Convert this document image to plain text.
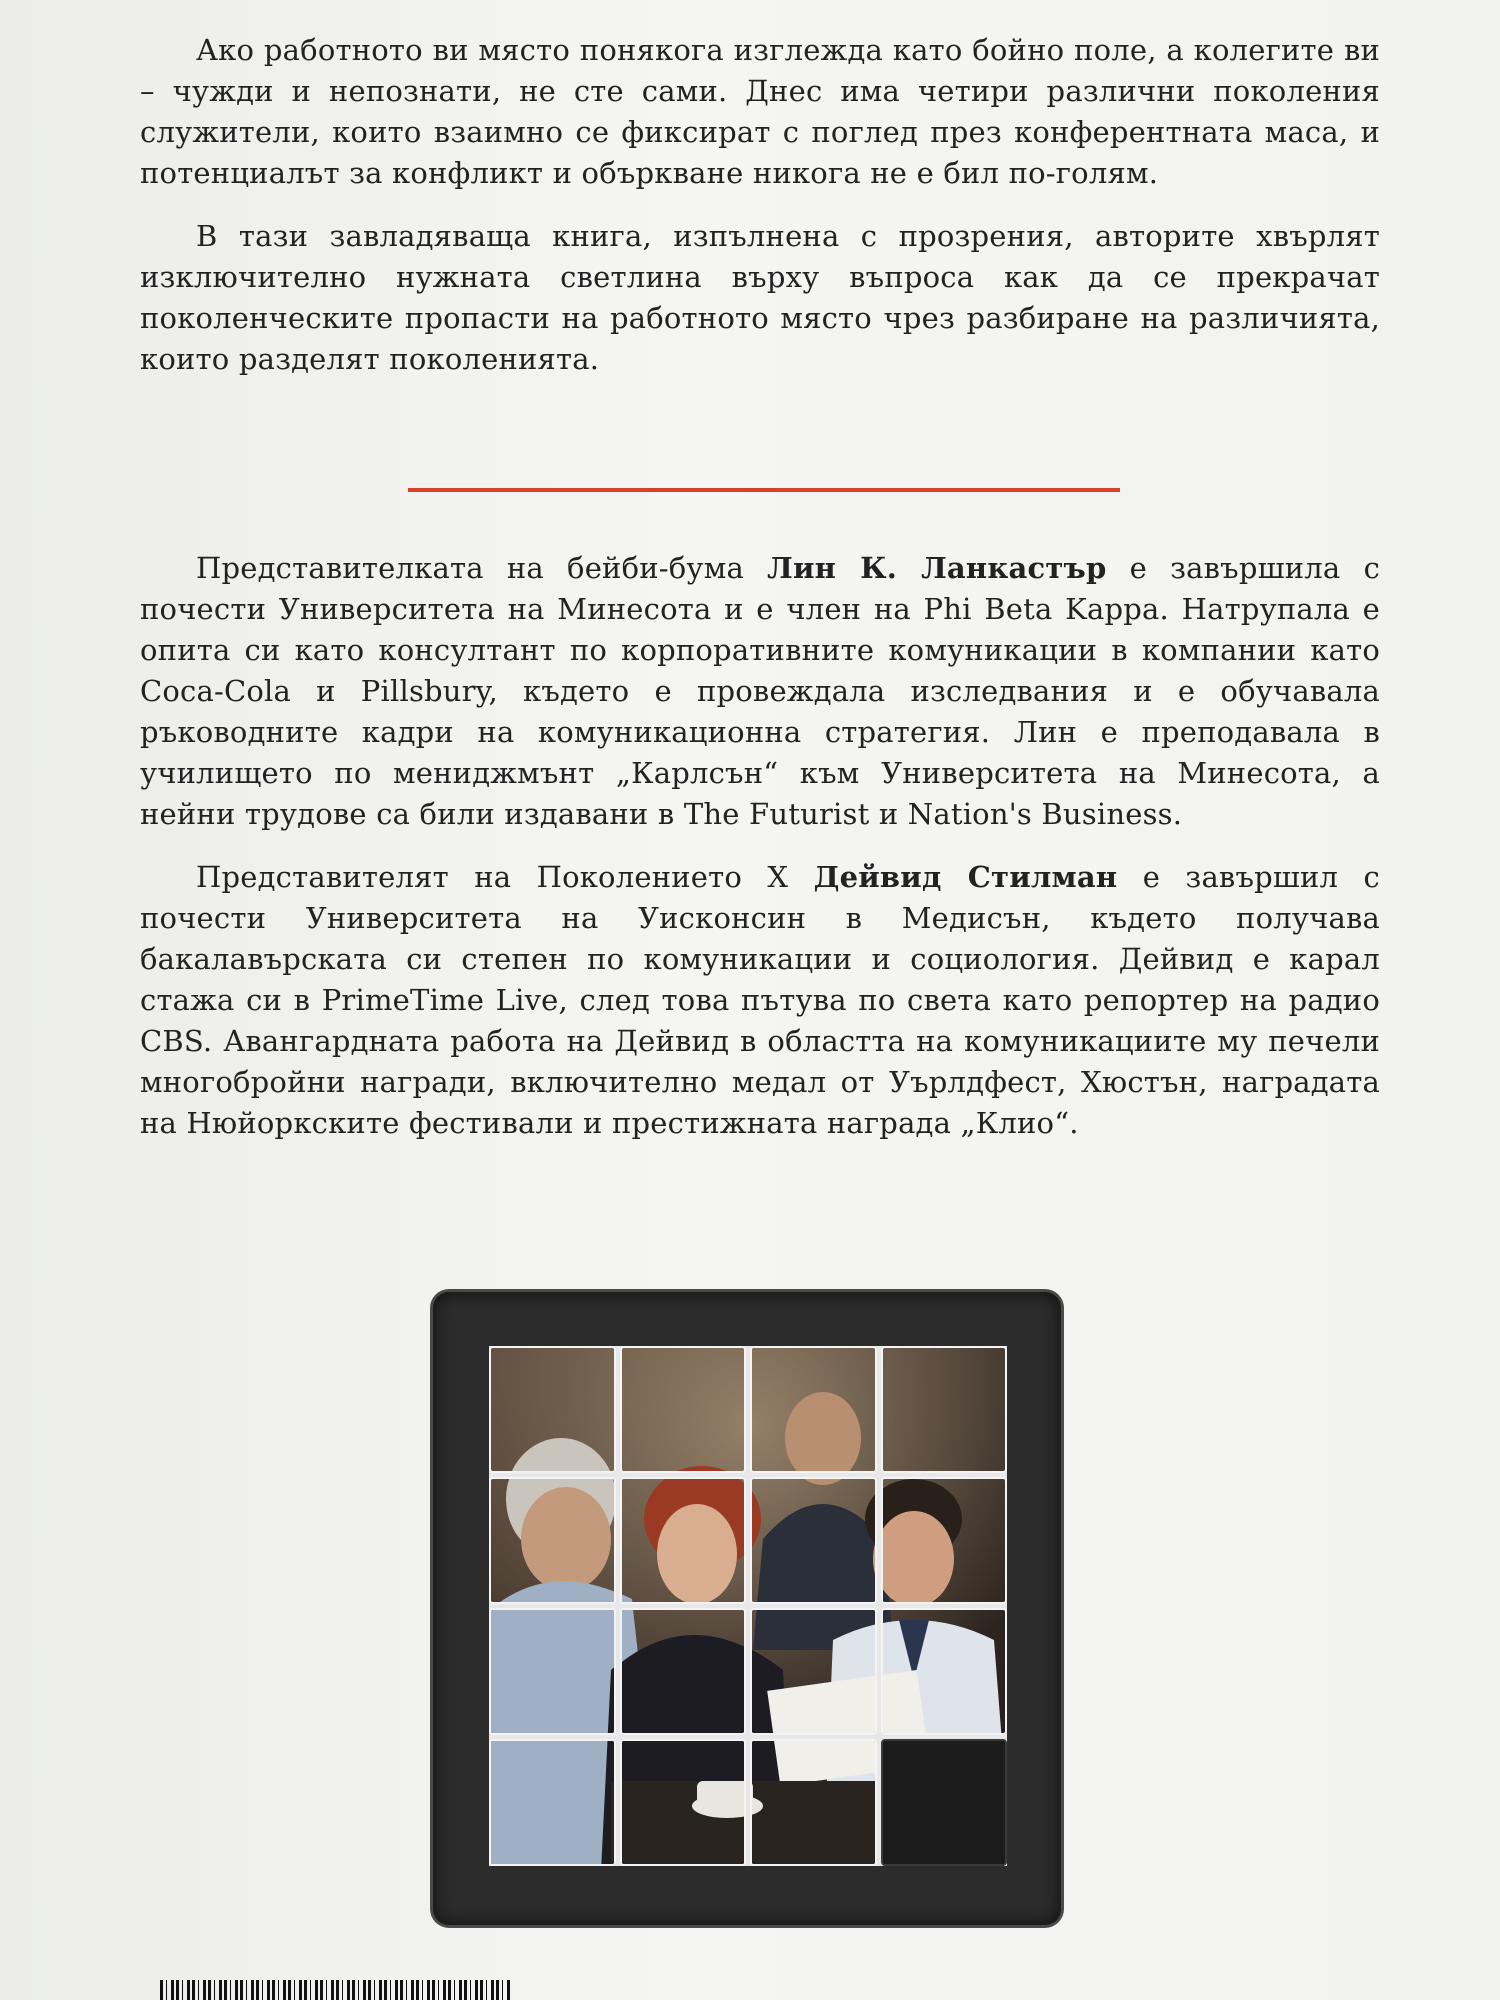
Ако работното ви място понякога изглежда като бойно поле, а колегите ви – чужди и непознати, не сте сами. Днес има четири различни поколения служители, които взаимно се фиксират с поглед през конферентната маса, и потенциалът за конфликт и объркване никога не е бил по-голям.

В тази завладяваща книга, изпълнена с прозрения, авторите хвърлят изключително нужната светлина върху въпроса как да се прекрачат поколенческите пропасти на работното място чрез разбиране на различията, които разделят поколенията.

Представителката на бейби-бума Лин К. Ланкастър е завършила с почести Университета на Минесота и е член на Phi Beta Kappa. Натрупала е опита си като консултант по корпоративните комуникации в компании като Coca-Cola и Pillsbury, където е провеждала изследвания и е обучавала ръководните кадри на комуникационна стратегия. Лин е преподавала в училището по мениджмънт „Карлсън“ към Университета на Минесота, а нейни трудове са били издавани в The Futurist и Nation's Business.

Представителят на Поколението Х Дейвид Стилман е завършил с почести Университета на Уисконсин в Медисън, където получава бакалавърската си степен по комуникации и социология. Дейвид е карал стажа си в PrimeTime Live, след това пътува по света като репортер на радио CBS. Авангардната работа на Дейвид в областта на комуникациите му печели многобройни награди, включително медал от Уърлдфест, Хюстън, наградата на Нюйоркските фестивали и престижната награда „Клио“.
